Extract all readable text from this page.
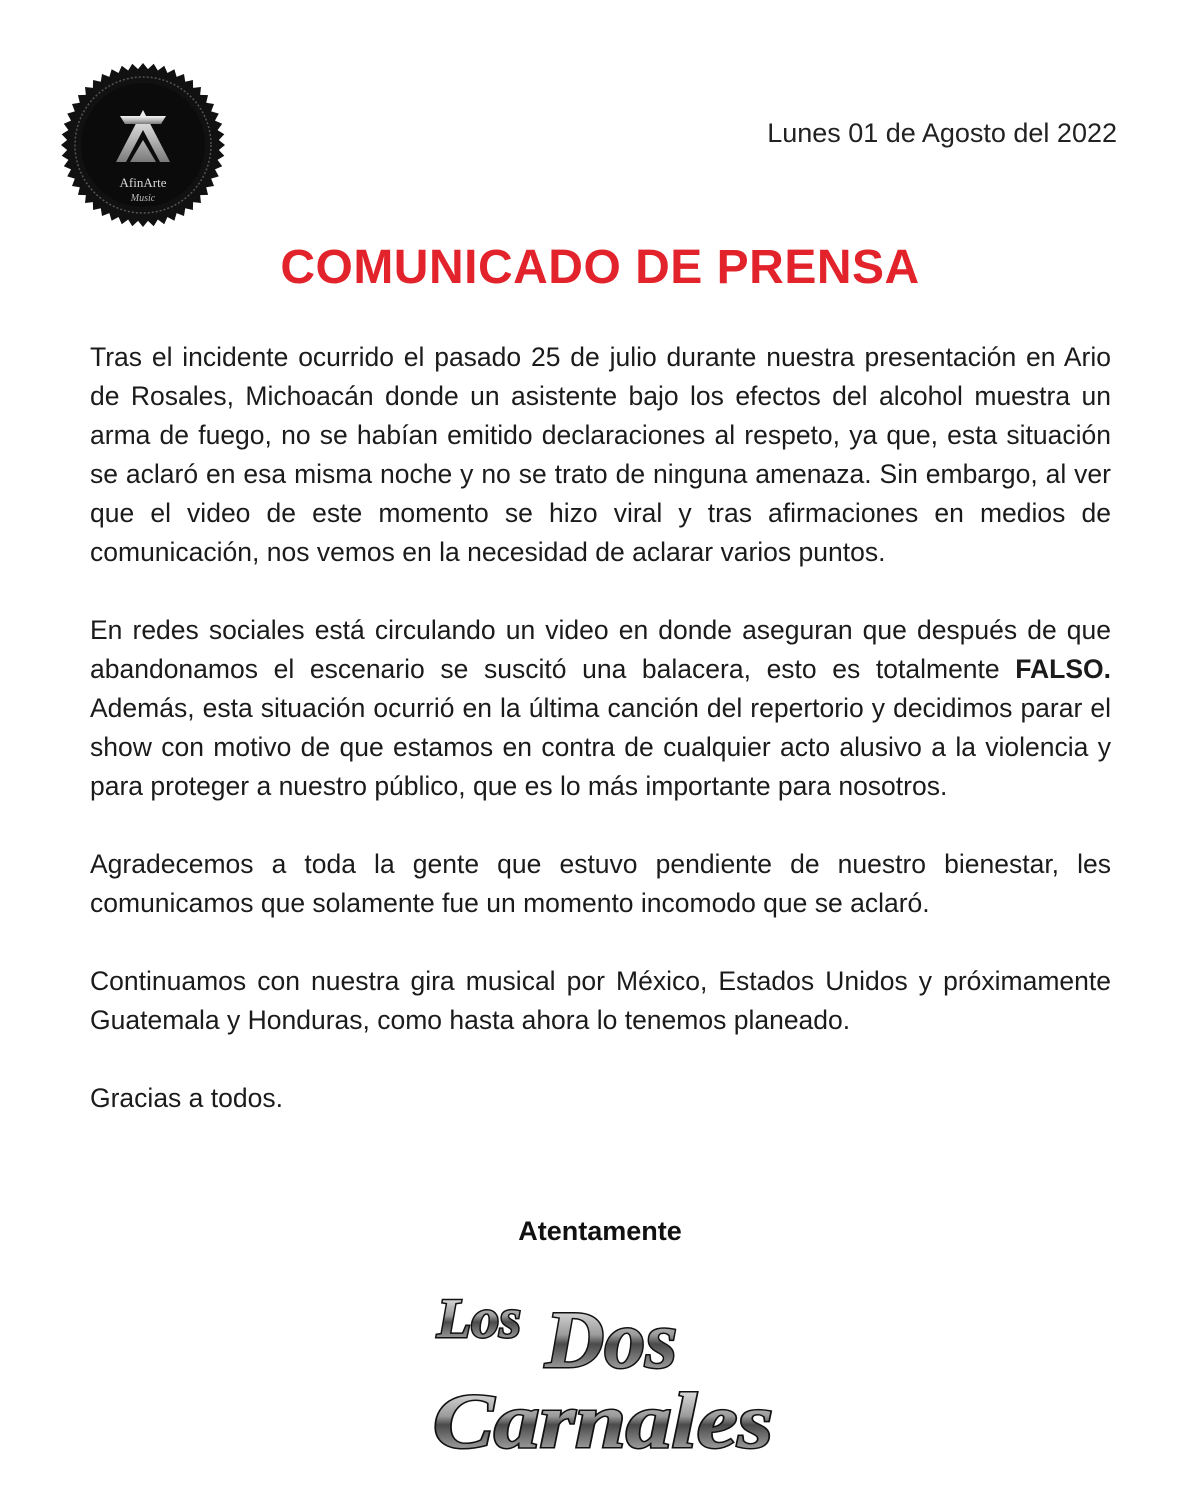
AfinArte
Music
Lunes 01 de Agosto del 2022
COMUNICADO DE PRENSA

Tras el incidente ocurrido el pasado 25 de julio durante nuestra presentación en Ario de Rosales, Michoacán donde un asistente bajo los efectos del alcohol muestra un arma de fuego, no se habían emitido declaraciones al respeto, ya que, esta situación se aclaró en esa misma noche y no se trato de ninguna amenaza. Sin embargo, al ver que el video de este momento se hizo viral y tras afirmaciones en medios de comunicación, nos vemos en la necesidad de aclarar varios puntos.

En redes sociales está circulando un video en donde aseguran que después de que abandonamos el escenario se suscitó una balacera, esto es totalmente FALSO. Además, esta situación ocurrió en la última canción del repertorio y decidimos parar el show con motivo de que estamos en contra de cualquier acto alusivo a la violencia y para proteger a nuestro público, que es lo más importante para nosotros.

Agradecemos a toda la gente que estuvo pendiente de nuestro bienestar, les comunicamos que solamente fue un momento incomodo que se aclaró.

Continuamos con nuestra gira musical por México, Estados Unidos y próximamente Guatemala y Honduras, como hasta ahora lo tenemos planeado.

Gracias a todos.

Atentamente
Los Dos
Carnales
